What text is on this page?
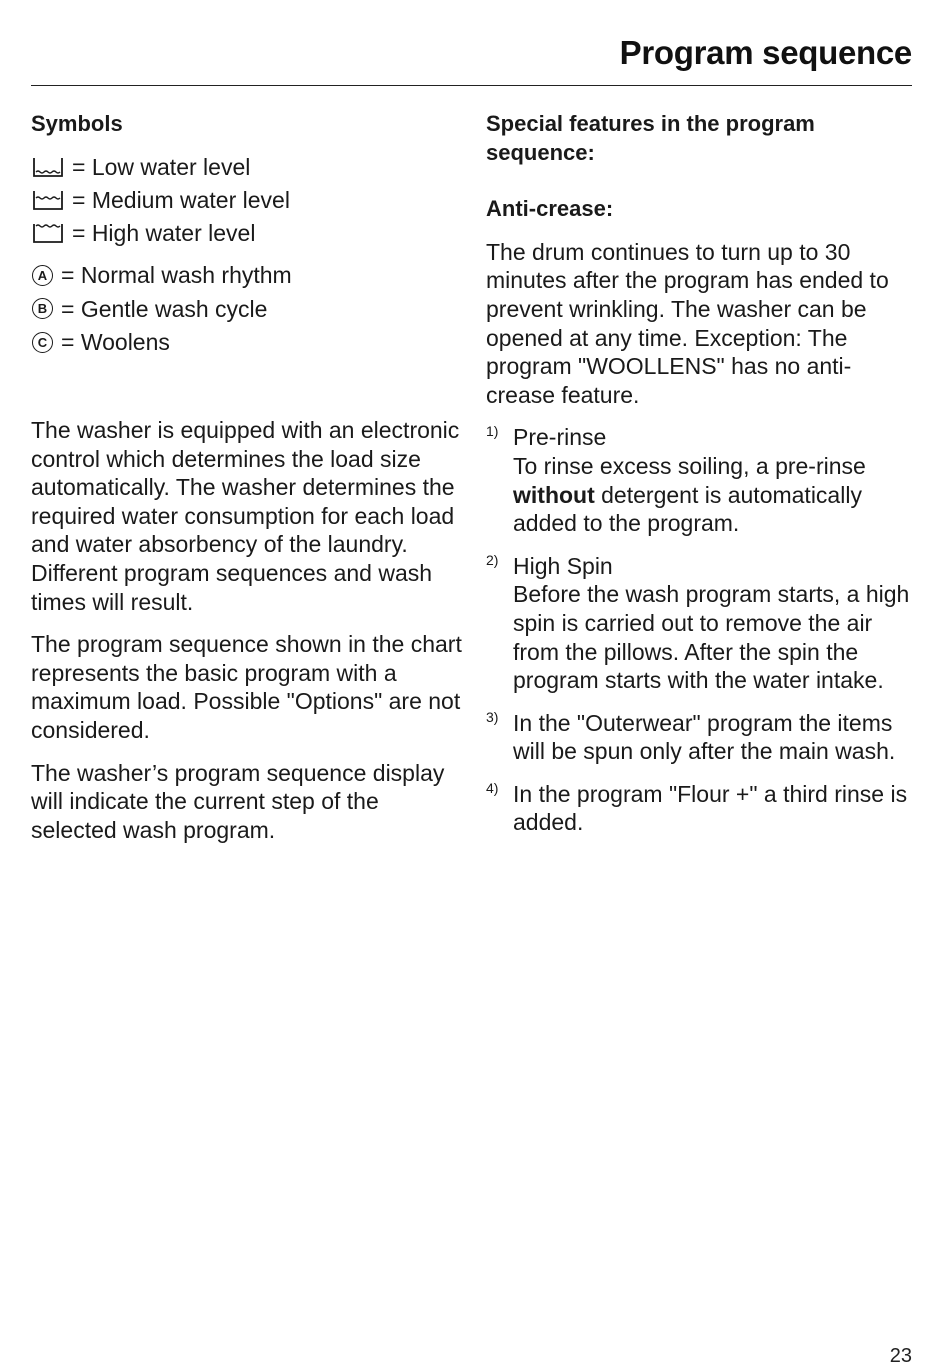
Program sequence
Symbols
= Low water level
= Medium water level
= High water level
A = Normal wash rhythm
B = Gentle wash cycle
C = Woolens

The washer is equipped with an electronic control which determines the load size automatically. The washer determines the required water consumption for each load and water absorbency of the laundry. Different program sequences and wash times will result.

The program sequence shown in the chart represents the basic program with a maximum load. Possible "Options" are not considered.

The washer’s program sequence display will indicate the current step of the selected wash program.

Special features in the program sequence:
Anti-crease:

The drum continues to turn up to 30 minutes after the program has ended to prevent wrinkling. The washer can be opened at any time. Exception: The program "WOOLLENS" has no anti-crease feature.

1) Pre-rinse
To rinse excess soiling, a pre-rinse without detergent is automatically added to the program.
2) High Spin
Before the wash program starts, a high spin is carried out to remove the air from the pillows. After the spin the program starts with the water intake.
3) In the "Outerwear" program the items will be spun only after the main wash.
4) In the program "Flour +" a third rinse is added.
23
